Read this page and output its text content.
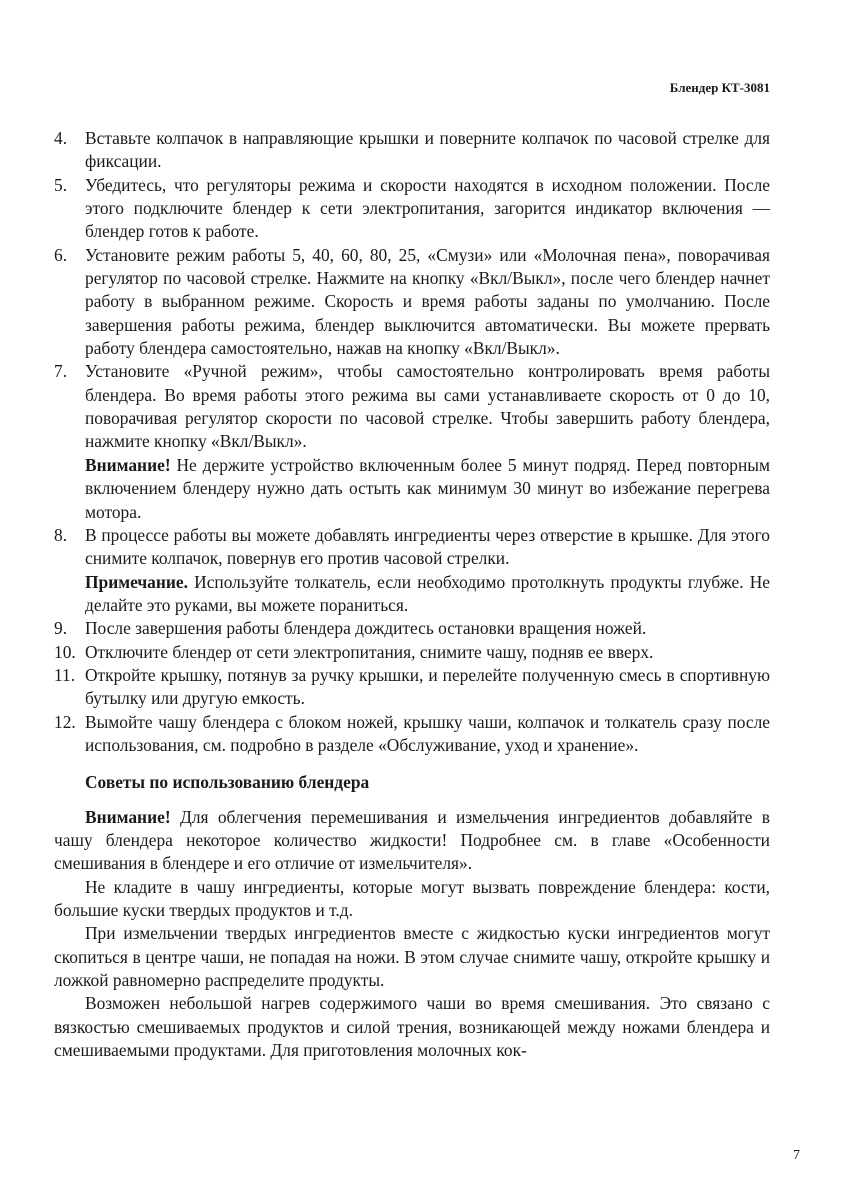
Блендер КТ-3081
4. Вставьте колпачок в направляющие крышки и поверните колпачок по часовой стрелке для фиксации.
5. Убедитесь, что регуляторы режима и скорости находятся в исходном положении. После этого подключите блендер к сети электропитания, загорится индикатор включения — блендер готов к работе.
6. Установите режим работы 5, 40, 60, 80, 25, «Смузи» или «Молочная пена», поворачивая регулятор по часовой стрелке. Нажмите на кнопку «Вкл/Выкл», после чего блендер начнет работу в выбранном режиме. Скорость и время работы заданы по умолчанию. После завершения работы режима, блендер выключится автоматически. Вы можете прервать работу блендера самостоятельно, нажав на кнопку «Вкл/Выкл».
7. Установите «Ручной режим», чтобы самостоятельно контролировать время работы блендера. Во время работы этого режима вы сами устанавливаете скорость от 0 до 10, поворачивая регулятор скорости по часовой стрелке. Чтобы завершить работу блендера, нажмите кнопку «Вкл/Выкл».
Внимание! Не держите устройство включенным более 5 минут подряд. Перед повторным включением блендеру нужно дать остыть как минимум 30 минут во избежание перегрева мотора.
8. В процессе работы вы можете добавлять ингредиенты через отверстие в крышке. Для этого снимите колпачок, повернув его против часовой стрелки.
Примечание. Используйте толкатель, если необходимо протолкнуть продукты глубже. Не делайте это руками, вы можете пораниться.
9. После завершения работы блендера дождитесь остановки вращения ножей.
10. Отключите блендер от сети электропитания, снимите чашу, подняв ее вверх.
11. Откройте крышку, потянув за ручку крышки, и перелейте полученную смесь в спортивную бутылку или другую емкость.
12. Вымойте чашу блендера с блоком ножей, крышку чаши, колпачок и толкатель сразу после использования, см. подробно в разделе «Обслуживание, уход и хранение».
Советы по использованию блендера

Внимание! Для облегчения перемешивания и измельчения ингредиентов добавляйте в чашу блендера некоторое количество жидкости! Подробнее см. в главе «Особенности смешивания в блендере и его отличие от измельчителя».

Не кладите в чашу ингредиенты, которые могут вызвать повреждение блендера: кости, большие куски твердых продуктов и т.д.

При измельчении твердых ингредиентов вместе с жидкостью куски ингредиентов могут скопиться в центре чаши, не попадая на ножи. В этом случае снимите чашу, откройте крышку и ложкой равномерно распределите продукты.

Возможен небольшой нагрев содержимого чаши во время смешивания. Это связано с вязкостью смешиваемых продуктов и силой трения, возникающей между ножами блендера и смешиваемыми продуктами. Для приготовления молочных кок-

7
